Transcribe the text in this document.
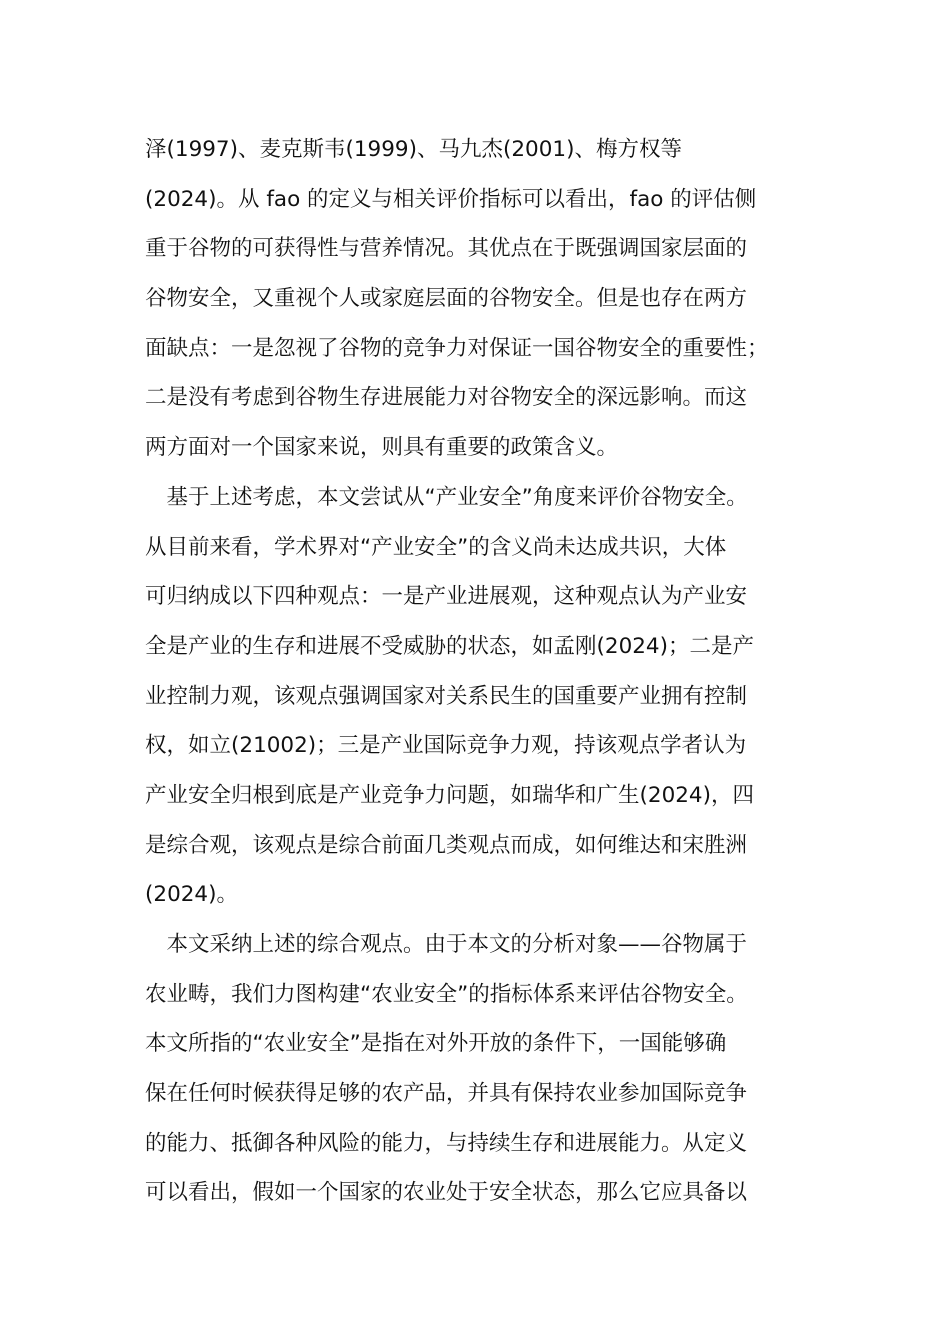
泽(1997)、麦克斯韦(1999)、马九杰(2001)、梅方权等
(2024)。从 fao 的定义与相关评价指标可以看出，fao 的评估侧
重于谷物的可获得性与营养情况。其优点在于既强调国家层面的
谷物安全，又重视个人或家庭层面的谷物安全。但是也存在两方
面缺点：一是忽视了谷物的竞争力对保证一国谷物安全的重要性；
二是没有考虑到谷物生存进展能力对谷物安全的深远影响。而这
两方面对一个国家来说，则具有重要的政策含义。
　基于上述考虑，本文尝试从“产业安全”角度来评价谷物安全。
从目前来看，学术界对“产业安全”的含义尚未达成共识，大体
可归纳成以下四种观点：一是产业进展观，这种观点认为产业安
全是产业的生存和进展不受威胁的状态，如孟刚(2024)；二是产
业控制力观，该观点强调国家对关系民生的国重要产业拥有控制
权，如立(21002)；三是产业国际竞争力观，持该观点学者认为
产业安全归根到底是产业竞争力问题，如瑞华和广生(2024)，四
是综合观，该观点是综合前面几类观点而成，如何维达和宋胜洲
(2024)。
　本文采纳上述的综合观点。由于本文的分析对象——谷物属于
农业畴，我们力图构建“农业安全”的指标体系来评估谷物安全。
本文所指的“农业安全”是指在对外开放的条件下，一国能够确
保在任何时候获得足够的农产品，并具有保持农业参加国际竞争
的能力、抵御各种风险的能力，与持续生存和进展能力。从定义
可以看出，假如一个国家的农业处于安全状态，那么它应具备以
